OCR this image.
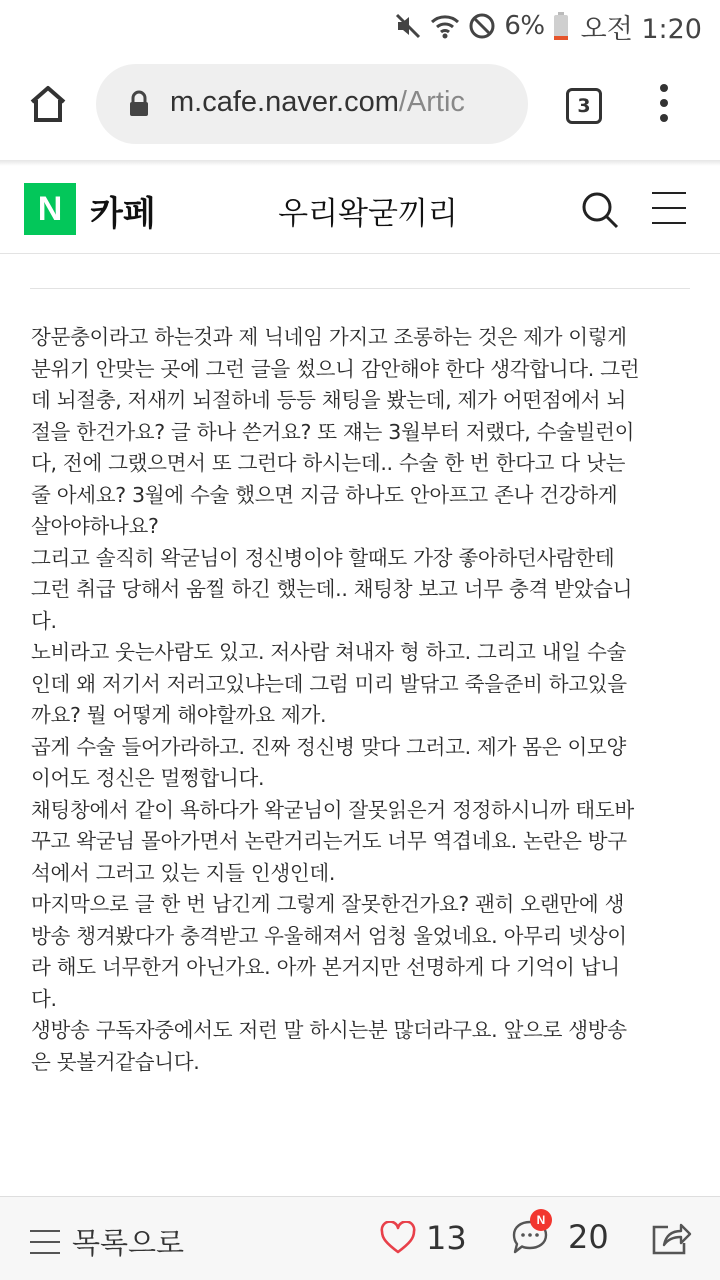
6% 오전 1:20
m.cafe.naver.com/Artic	3
N 카페	우리왁굳끼리

장문충이라고 하는것과 제 닉네임 가지고 조롱하는 것은 제가 이렇게

분위기 안맞는 곳에 그런 글을 썼으니 감안해야 한다 생각합니다. 그런

데 뇌절충, 저새끼 뇌절하네 등등 채팅을 봤는데, 제가 어떤점에서 뇌

절을 한건가요? 글 하나 쓴거요? 또 쟤는 3월부터 저랬다, 수술빌런이

다, 전에 그랬으면서 또 그런다 하시는데.. 수술 한 번 한다고 다 낫는

줄 아세요? 3월에 수술 했으면 지금 하나도 안아프고 존나 건강하게

살아야하나요?

그리고 솔직히 왁굳님이 정신병이야 할때도 가장 좋아하던사람한테

그런 취급 당해서 움찔 하긴 했는데.. 채팅창 보고 너무 충격 받았습니

다.

노비라고 웃는사람도 있고. 저사람 쳐내자 형 하고. 그리고 내일 수술

인데 왜 저기서 저러고있냐는데 그럼 미리 발닦고 죽을준비 하고있을

까요? 뭘 어떻게 해야할까요 제가.

곱게 수술 들어가라하고. 진짜 정신병 맞다 그러고. 제가 몸은 이모양

이어도 정신은 멀쩡합니다.

채팅창에서 같이 욕하다가 왁굳님이 잘못읽은거 정정하시니까 태도바

꾸고 왁굳님 몰아가면서 논란거리는거도 너무 역겹네요. 논란은 방구

석에서 그러고 있는 지들 인생인데.

마지막으로 글 한 번 남긴게 그렇게 잘못한건가요? 괜히 오랜만에 생

방송 챙겨봤다가 충격받고 우울해져서 엄청 울었네요. 아무리 넷상이

라 해도 너무한거 아닌가요. 아까 본거지만 선명하게 다 기억이 납니

다.

생방송 구독자중에서도 저런 말 하시는분 많더라구요. 앞으로 생방송

은 못볼거같습니다.

목록으로	13	N 20
